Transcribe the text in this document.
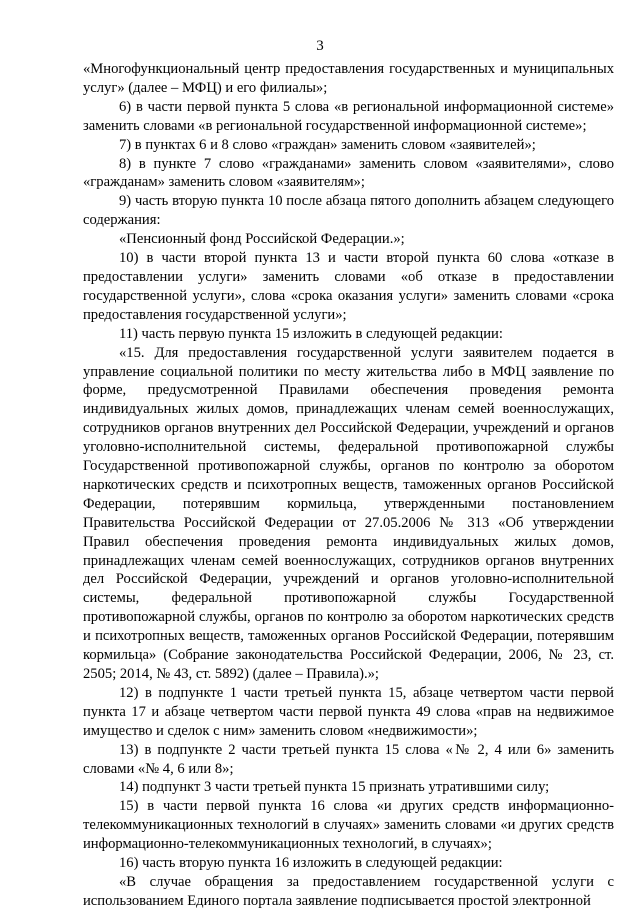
3

«Многофункциональный центр предоставления государственных и муниципальных услуг» (далее – МФЦ) и его филиалы»;

6) в части первой пункта 5 слова «в региональной информационной системе» заменить словами «в региональной государственной информационной системе»;

7) в пунктах 6 и 8 слово «граждан» заменить словом «заявителей»;

8) в пункте 7 слово «гражданами» заменить словом «заявителями», слово «гражданам» заменить словом «заявителям»;

9) часть вторую пункта 10 после абзаца пятого дополнить абзацем следующего содержания:

«Пенсионный фонд Российской Федерации.»;

10) в части второй пункта 13 и части второй пункта 60 слова «отказе в предоставлении услуги» заменить словами «об отказе в предоставлении государственной услуги», слова «срока оказания услуги» заменить словами «срока предоставления государственной услуги»;

11) часть первую пункта 15 изложить в следующей редакции:

«15. Для предоставления государственной услуги заявителем подается в управление социальной политики по месту жительства либо в МФЦ заявление по форме, предусмотренной Правилами обеспечения проведения ремонта индивидуальных жилых домов, принадлежащих членам семей военнослужащих, сотрудников органов внутренних дел Российской Федерации, учреждений и органов уголовно-исполнительной системы, федеральной противопожарной службы Государственной противопожарной службы, органов по контролю за оборотом наркотических средств и психотропных веществ, таможенных органов Российской Федерации, потерявшим кормильца, утвержденными постановлением Правительства Российской Федерации от 27.05.2006 № 313 «Об утверждении Правил обеспечения проведения ремонта индивидуальных жилых домов, принадлежащих членам семей военнослужащих, сотрудников органов внутренних дел Российской Федерации, учреждений и органов уголовно-исполнительной системы, федеральной противопожарной службы Государственной противопожарной службы, органов по контролю за оборотом наркотических средств и психотропных веществ, таможенных органов Российской Федерации, потерявшим кормильца» (Собрание законодательства Российской Федерации, 2006, № 23, ст. 2505; 2014, № 43, ст. 5892) (далее – Правила).»;

12) в подпункте 1 части третьей пункта 15, абзаце четвертом части первой пункта 17 и абзаце четвертом части первой пункта 49 слова «прав на недвижимое имущество и сделок с ним» заменить словом «недвижимости»;

13) в подпункте 2 части третьей пункта 15 слова «№ 2, 4 или 6» заменить словами «№ 4, 6 или 8»;

14) подпункт 3 части третьей пункта 15 признать утратившими силу;

15) в части первой пункта 16 слова «и других средств информационно-телекоммуникационных технологий в случаях» заменить словами «и других средств информационно-телекоммуникационных технологий, в случаях»;

16) часть вторую пункта 16 изложить в следующей редакции:

«В случае обращения за предоставлением государственной услуги с использованием Единого портала заявление подписывается простой электронной
